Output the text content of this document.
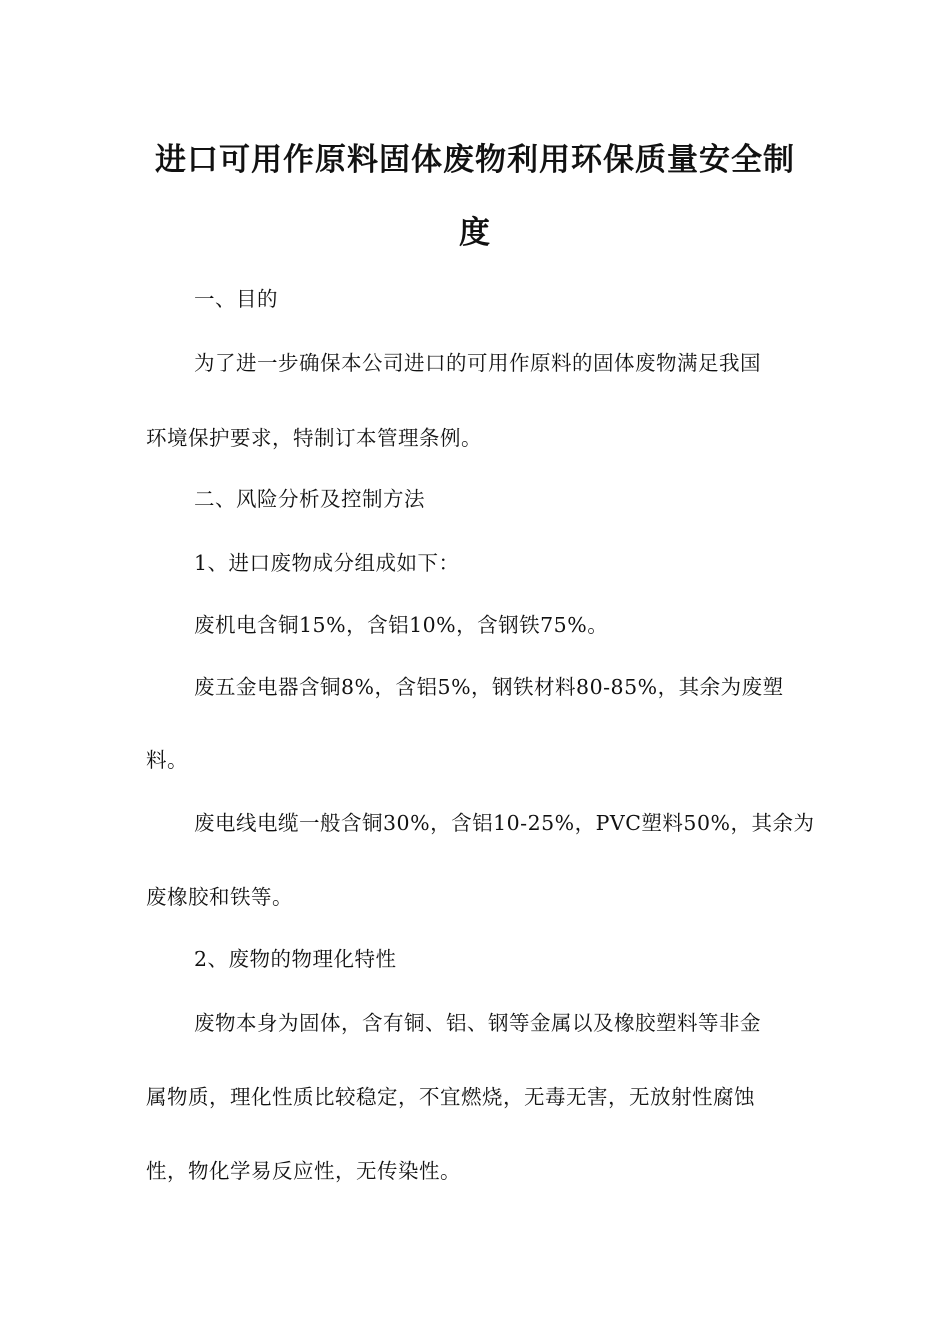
进口可用作原料固体废物利用环保质量安全制
度
一、目的
为了进一步确保本公司进口的可用作原料的固体废物满足我国
环境保护要求，特制订本管理条例。
二、风险分析及控制方法
1、进口废物成分组成如下：
废机电含铜15%，含铝10%，含钢铁75%。
废五金电器含铜8%，含铝5%，钢铁材料80-85%，其余为废塑
料。
废电线电缆一般含铜30%，含铝10-25%，PVC塑料50%，其余为
废橡胶和铁等。
2、废物的物理化特性
废物本身为固体，含有铜、铝、钢等金属以及橡胶塑料等非金
属物质，理化性质比较稳定，不宜燃烧，无毒无害，无放射性腐蚀
性，物化学易反应性，无传染性。
